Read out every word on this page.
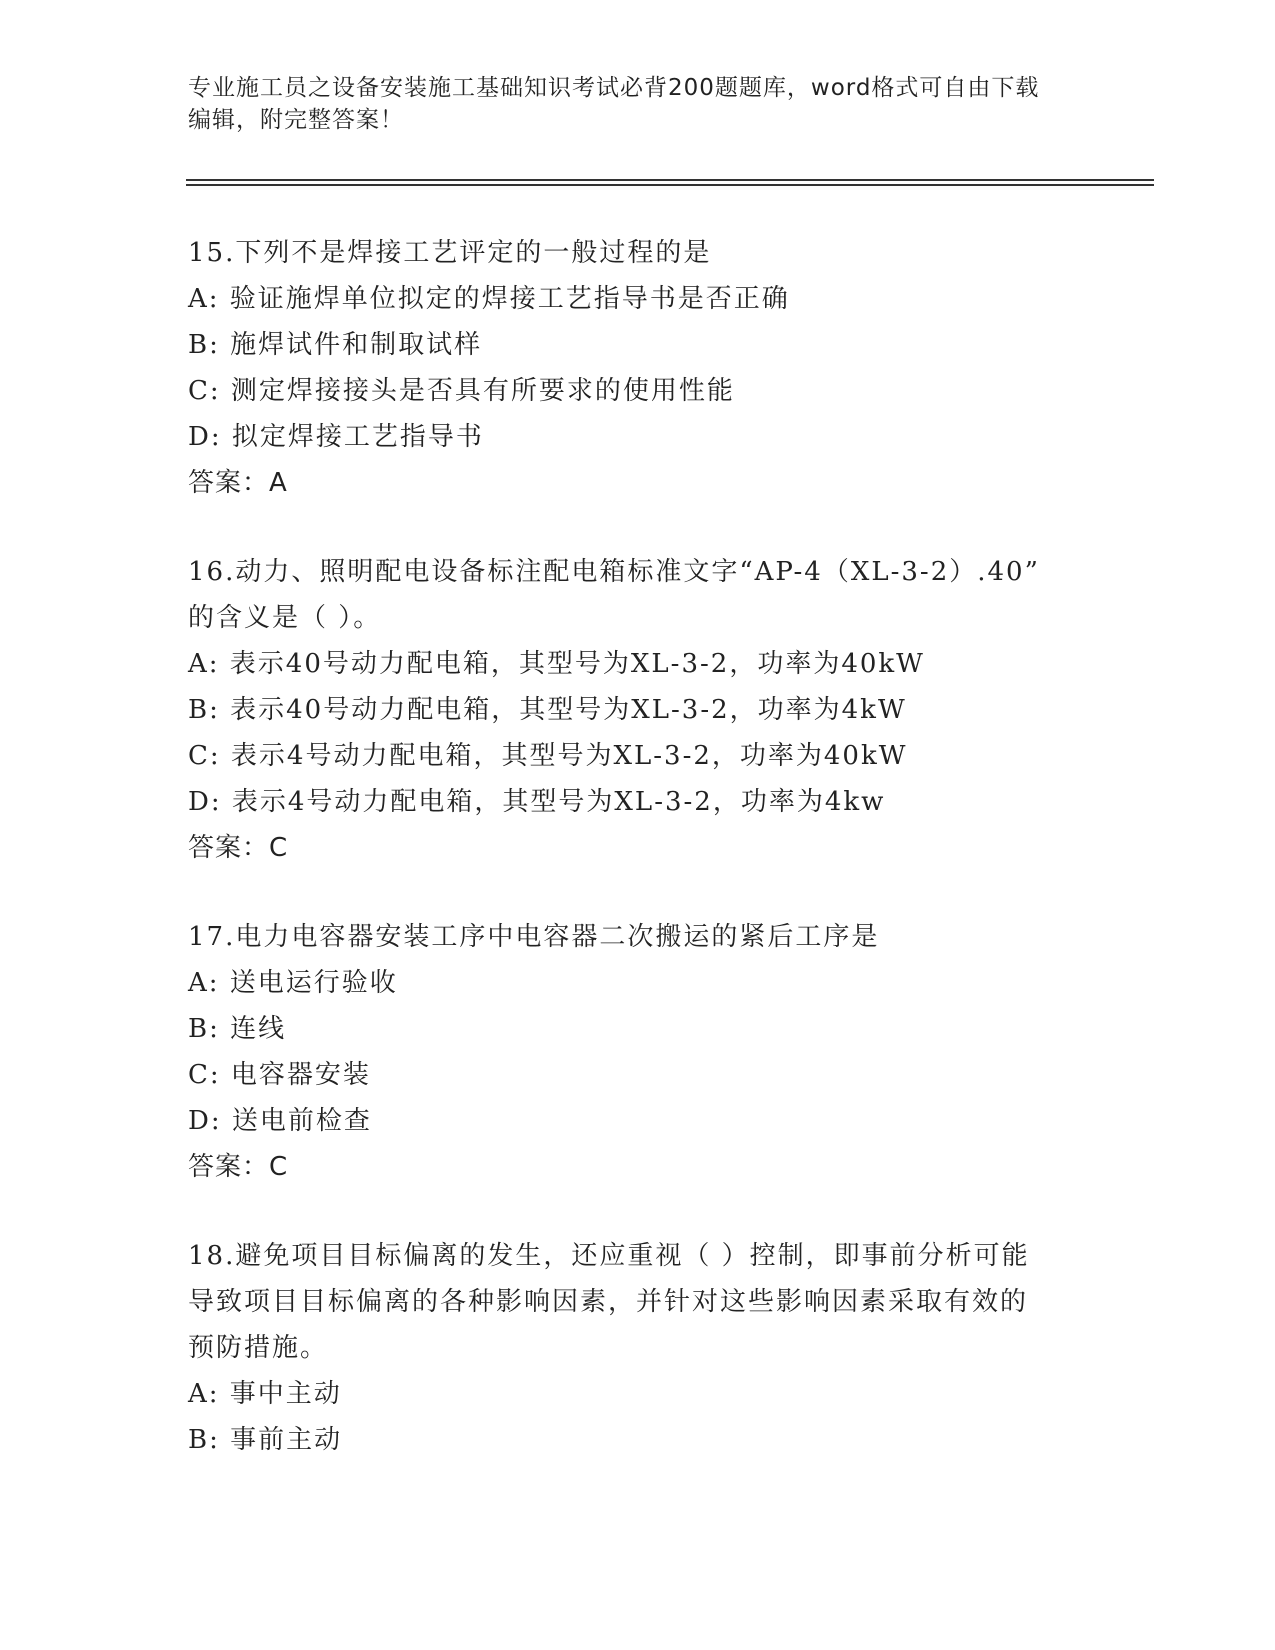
专业施工员之设备安装施工基础知识考试必背200题题库，word格式可自由下载
编辑，附完整答案！
15.下列不是焊接工艺评定的一般过程的是
A: 验证施焊单位拟定的焊接工艺指导书是否正确
B: 施焊试件和制取试样
C: 测定焊接接头是否具有所要求的使用性能
D: 拟定焊接工艺指导书
答案：A
16.动力、照明配电设备标注配电箱标准文字“AP-4（XL-3-2）.40”
的含义是（ ）。
A: 表示40号动力配电箱，其型号为XL-3-2，功率为40kW
B: 表示40号动力配电箱，其型号为XL-3-2，功率为4kW
C: 表示4号动力配电箱，其型号为XL-3-2，功率为40kW
D: 表示4号动力配电箱，其型号为XL-3-2，功率为4kw
答案：C
17.电力电容器安装工序中电容器二次搬运的紧后工序是
A: 送电运行验收
B: 连线
C: 电容器安装
D: 送电前检查
答案：C
18.避免项目目标偏离的发生，还应重视（ ）控制，即事前分析可能
导致项目目标偏离的各种影响因素，并针对这些影响因素采取有效的
预防措施。
A: 事中主动
B: 事前主动
